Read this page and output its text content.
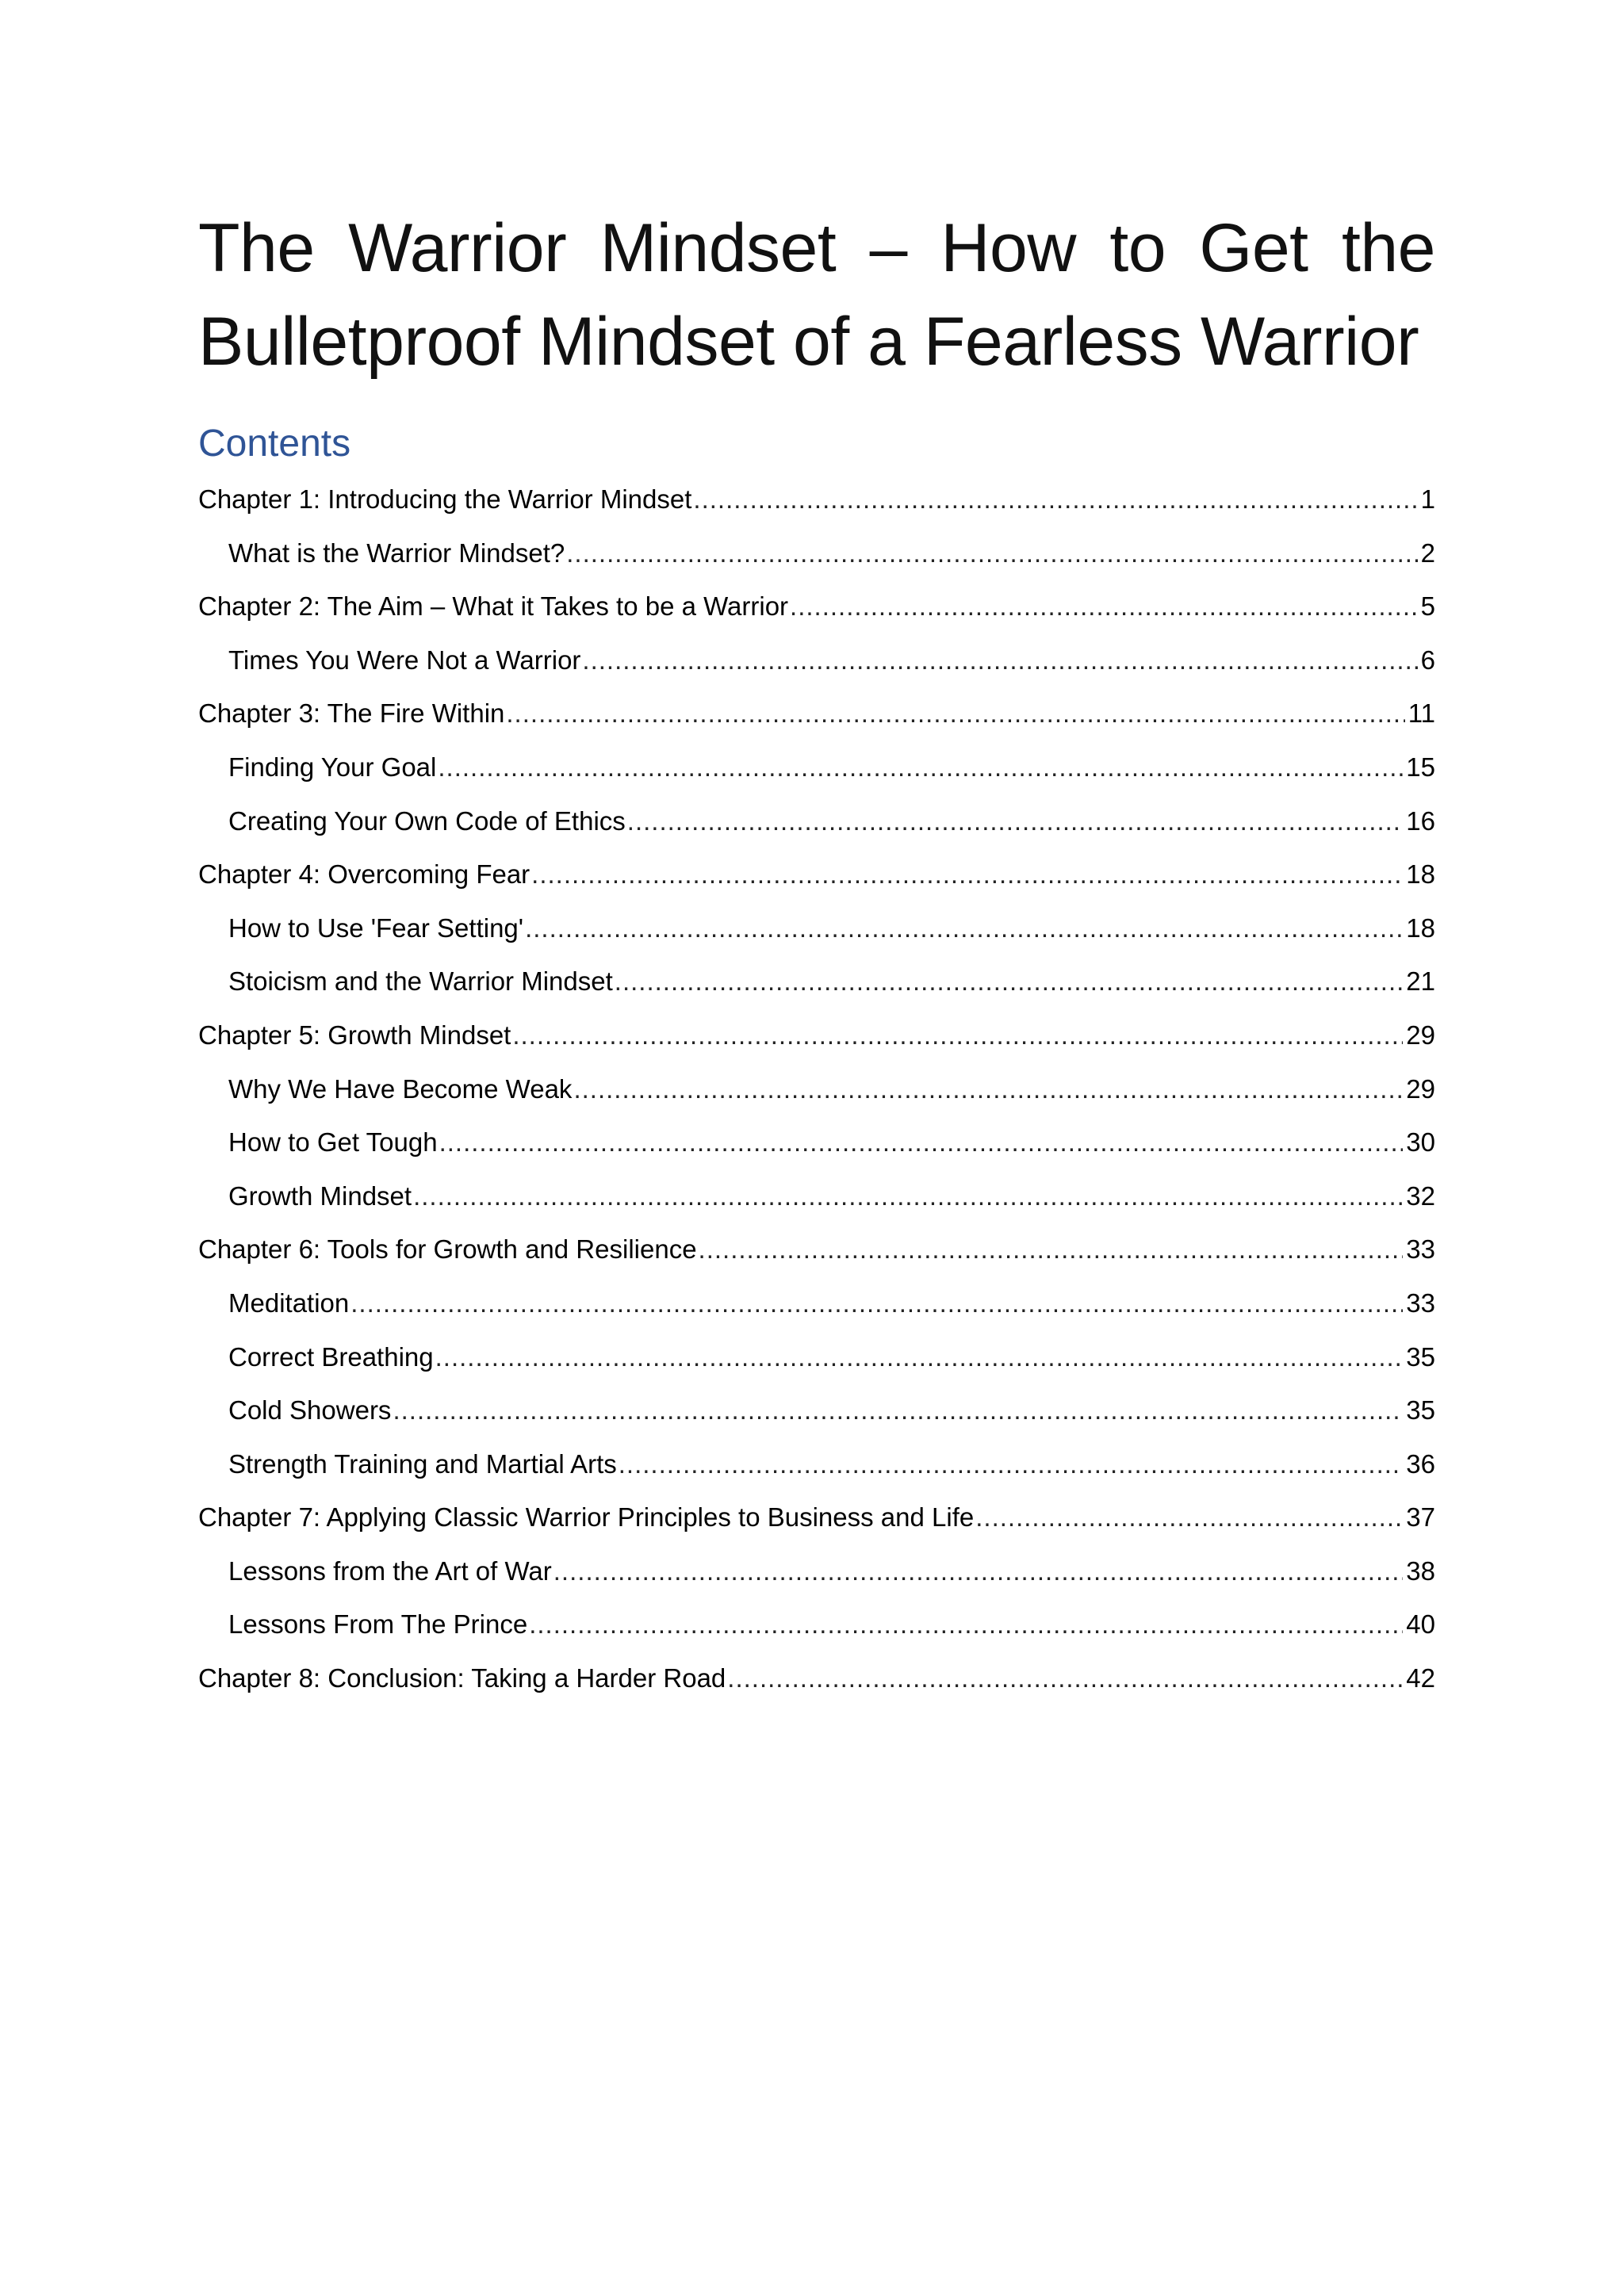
The Warrior Mindset – How to Get the Bulletproof Mindset of a Fearless Warrior
Contents
Chapter 1: Introducing the Warrior Mindset .....	1
What is the Warrior Mindset? .....	2
Chapter 2: The Aim – What it Takes to be a Warrior .....	5
Times You Were Not a Warrior .....	6
Chapter 3: The Fire Within .....	11
Finding Your Goal .....	15
Creating Your Own Code of Ethics .....	16
Chapter 4: Overcoming Fear .....	18
How to Use 'Fear Setting' .....	18
Stoicism and the Warrior Mindset .....	21
Chapter 5: Growth Mindset .....	29
Why We Have Become Weak .....	29
How to Get Tough .....	30
Growth Mindset .....	32
Chapter 6: Tools for Growth and Resilience .....	33
Meditation .....	33
Correct Breathing .....	35
Cold Showers .....	35
Strength Training and Martial Arts .....	36
Chapter 7: Applying Classic Warrior Principles to Business and Life .....	37
Lessons from the Art of War .....	38
Lessons From The Prince .....	40
Chapter 8: Conclusion: Taking a Harder Road .....	42
